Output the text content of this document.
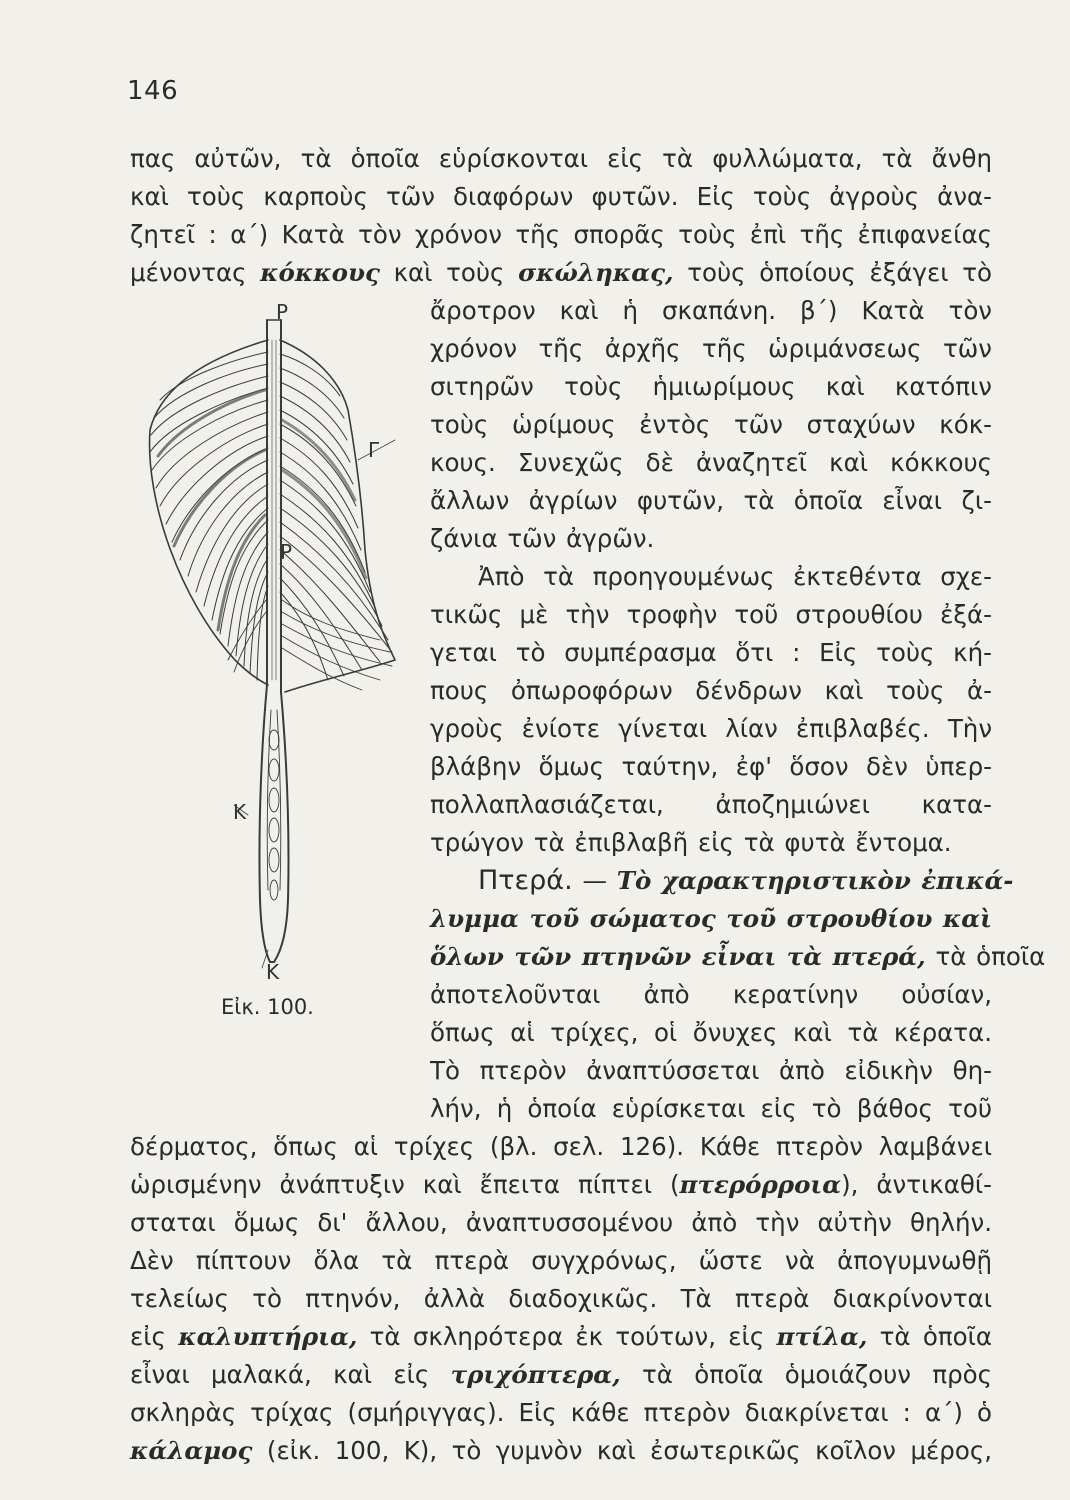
146
πας αὐτῶν, τὰ ὁποῖα εὑρίσκονται εἰς τὰ φυλλώματα, τὰ ἄνθη
καὶ τοὺς καρποὺς τῶν διαφόρων φυτῶν. Εἰς τοὺς ἀγροὺς ἀνα-
ζητεῖ : α΄) Κατὰ τὸν χρόνον τῆς σπορᾶς τοὺς ἐπὶ τῆς ἐπιφανείας
μένοντας κόκκους καὶ τοὺς σκώληκας, τοὺς ὁποίους ἐξάγει τὸ
ἄροτρον καὶ ἡ σκαπάνη. β΄) Κατὰ τὸν
χρόνον τῆς ἀρχῆς τῆς ὡριμάνσεως τῶν
σιτηρῶν τοὺς ἡμιωρίμους καὶ κατόπιν
τοὺς ὡρίμους ἐντὸς τῶν σταχύων κόκ-
κους. Συνεχῶς δὲ ἀναζητεῖ καὶ κόκκους
ἄλλων ἀγρίων φυτῶν, τὰ ὁποῖα εἶναι ζι-
ζάνια τῶν ἀγρῶν.
Ἀπὸ τὰ προηγουμένως ἐκτεθέντα σχε-
τικῶς μὲ τὴν τροφὴν τοῦ στρουθίου ἐξά-
γεται τὸ συμπέρασμα ὅτι : Εἰς τοὺς κή-
πους ὀπωροφόρων δένδρων καὶ τοὺς ἀ-
γροὺς ἐνίοτε γίνεται λίαν ἐπιβλαβές. Τὴν
βλάβην ὅμως ταύτην, ἐφ' ὅσον δὲν ὑπερ-
πολλαπλασιάζεται, ἀποζημιώνει κατα-
τρώγον τὰ ἐπιβλαβῆ εἰς τὰ φυτὰ ἔντομα.
Πτερά. — Τὸ χαρακτηριστικὸν ἐπικά-
λυμμα τοῦ σώματος τοῦ στρουθίου καὶ
ὅλων τῶν πτηνῶν εἶναι τὰ πτερά, τὰ ὁποῖα
ἀποτελοῦνται ἀπὸ κερατίνην οὐσίαν,
ὅπως αἱ τρίχες, οἱ ὄνυχες καὶ τὰ κέρατα.
Τὸ πτερὸν ἀναπτύσσεται ἀπὸ εἰδικὴν θη-
λήν, ἡ ὁποία εὑρίσκεται εἰς τὸ βάθος τοῦ
δέρματος, ὅπως αἱ τρίχες (βλ. σελ. 126). Κάθε πτερὸν λαμβάνει
ὡρισμένην ἀνάπτυξιν καὶ ἔπειτα πίπτει (πτερόρροια), ἀντικαθί-
σταται ὅμως δι' ἄλλου, ἀναπτυσσομένου ἀπὸ τὴν αὐτὴν θηλήν.
Δὲν πίπτουν ὅλα τὰ πτερὰ συγχρόνως, ὥστε νὰ ἀπογυμνωθῇ
τελείως τὸ πτηνόν, ἀλλὰ διαδοχικῶς. Τὰ πτερὰ διακρίνονται
εἰς καλυπτήρια, τὰ σκληρότερα ἐκ τούτων, εἰς πτίλα, τὰ ὁποῖα
εἶναι μαλακά, καὶ εἰς τριχόπτερα, τὰ ὁποῖα ὁμοιάζουν πρὸς
σκληρὰς τρίχας (σμήριγγας). Εἰς κάθε πτερὸν διακρίνεται : α΄) ὁ
κάλαμος (εἰκ. 100, Κ), τὸ γυμνὸν καὶ ἐσωτερικῶς κοῖλον μέρος,
Ρ
Γ
Ρ
Κ
Κ
Εἰκ. 100.
